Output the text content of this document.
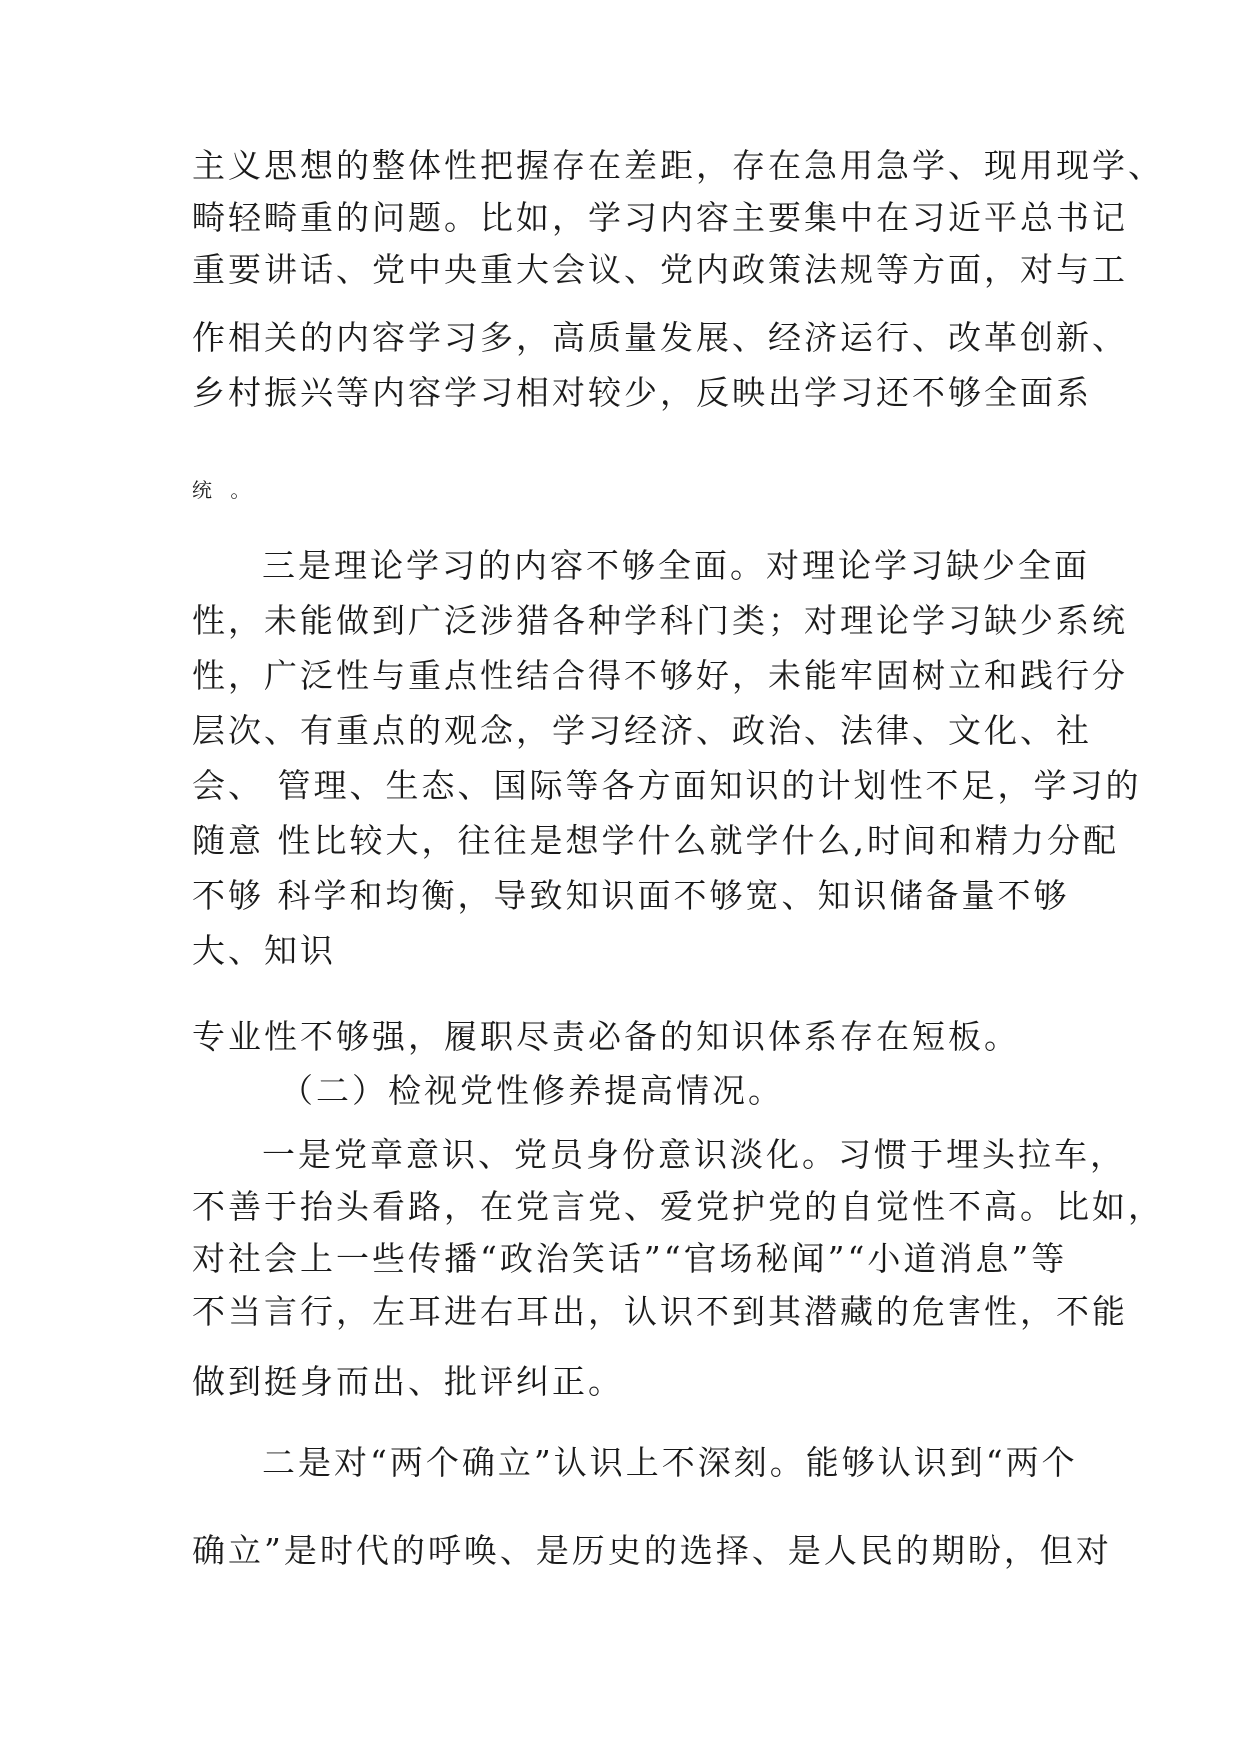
主义思想的整体性把握存在差距，存在急用急学、现用现学、
畸轻畸重的问题。比如，学习内容主要集中在习近平总书记
重要讲话、党中央重大会议、党内政策法规等方面，对与工
作相关的内容学习多，高质量发展、经济运行、改革创新、
乡村振兴等内容学习相对较少，反映出学习还不够全面系
统 。
三是理论学习的内容不够全面。对理论学习缺少全面
性，未能做到广泛涉猎各种学科门类；对理论学习缺少系统
性，广泛性与重点性结合得不够好，未能牢固树立和践行分
层次、有重点的观念，学习经济、政治、法律、文化、社
会、 管理、生态、国际等各方面知识的计划性不足，学习的
随意 性比较大，往往是想学什么就学什么,时间和精力分配
不够 科学和均衡，导致知识面不够宽、知识储备量不够
大、知识
专业性不够强，履职尽责必备的知识体系存在短板。
（二）检视党性修养提高情况。
一是党章意识、党员身份意识淡化。习惯于埋头拉车，
不善于抬头看路，在党言党、爱党护党的自觉性不高。比如，
对社会上一些传播“政治笑话”“官场秘闻”“小道消息”等
不当言行，左耳进右耳出，认识不到其潜藏的危害性，不能
做到挺身而出、批评纠正。
二是对“两个确立”认识上不深刻。能够认识到“两个
确立”是时代的呼唤、是历史的选择、是人民的期盼，但对
